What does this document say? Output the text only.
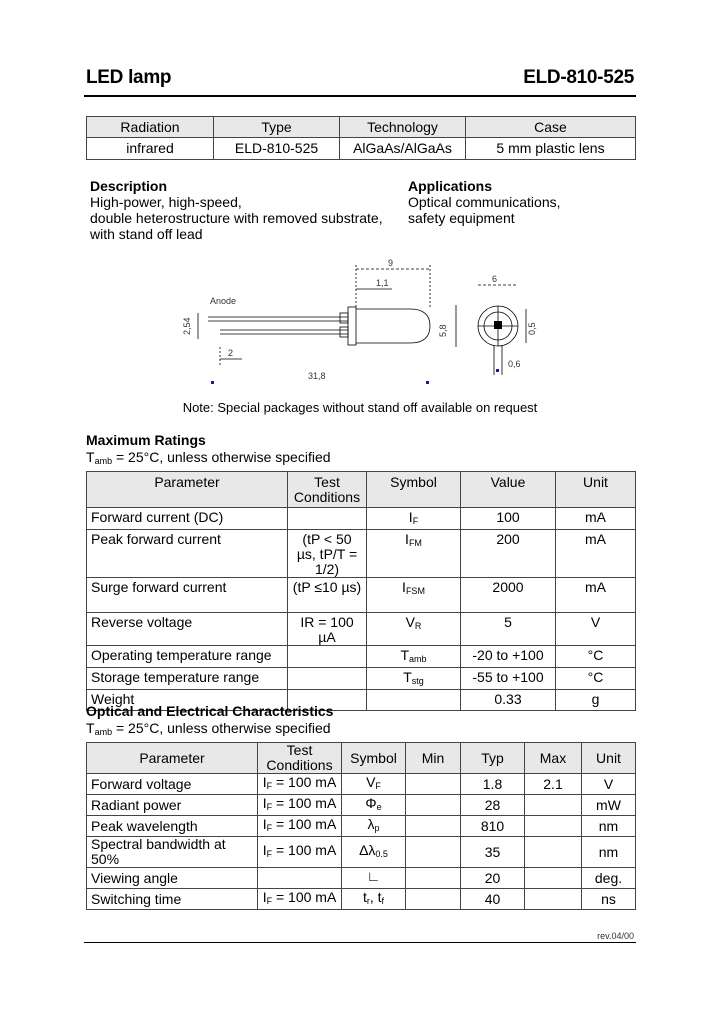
LED lamp	ELD-810-525
Radiation	Type	Technology	Case
infrared	ELD-810-525	AlGaAs/AlGaAs	5 mm plastic lens
Description
High-power, high-speed,
double heterostructure with removed substrate,
with stand off lead
Applications
Optical communications,
safety equipment
Anode
9
1,1
2,54	5,8
2
31,8
6
0,5
0,6
Note: Special packages without stand off available on request
Maximum Ratings
$T_{amb} = 25^\circ C$, unless otherwise specified
Parameter	Test Conditions	Symbol	Value	Unit
Forward current (DC)		$I_F$	100	mA
Peak forward current	(tP < 50 µs, tP/T = 1/2)	$I_{FM}$	200	mA
Surge forward current	(tP ≤10 µs)	$I_{FSM}$	2000	mA
Reverse voltage	IR = 100 µA	$V_R$	5	V
Operating temperature range		$T_{amb}$	-20 to +100	°C
Storage temperature range		$T_{stg}$	-55 to +100	°C
Weight			0.33	g
Optical and Electrical Characteristics
$T_{amb} = 25^\circ C$, unless otherwise specified
Parameter	Test Conditions	Symbol	Min	Typ	Max	Unit
Forward voltage	$I_F = 100$ mA	$V_F$		1.8	2.1	V
Radiant power	$I_F = 100$ mA	$\Phi_e$		28		mW
Peak wavelength	$I_F = 100$ mA	$\lambda_p$		810		nm
Spectral bandwidth at 50%	$I_F = 100$ mA	$\Delta\lambda_{0.5}$		35		nm
Viewing angle		∟		20		deg.
Switching time	$I_F = 100$ mA	$t_r$, $t_f$		40		ns
rev.04/00
